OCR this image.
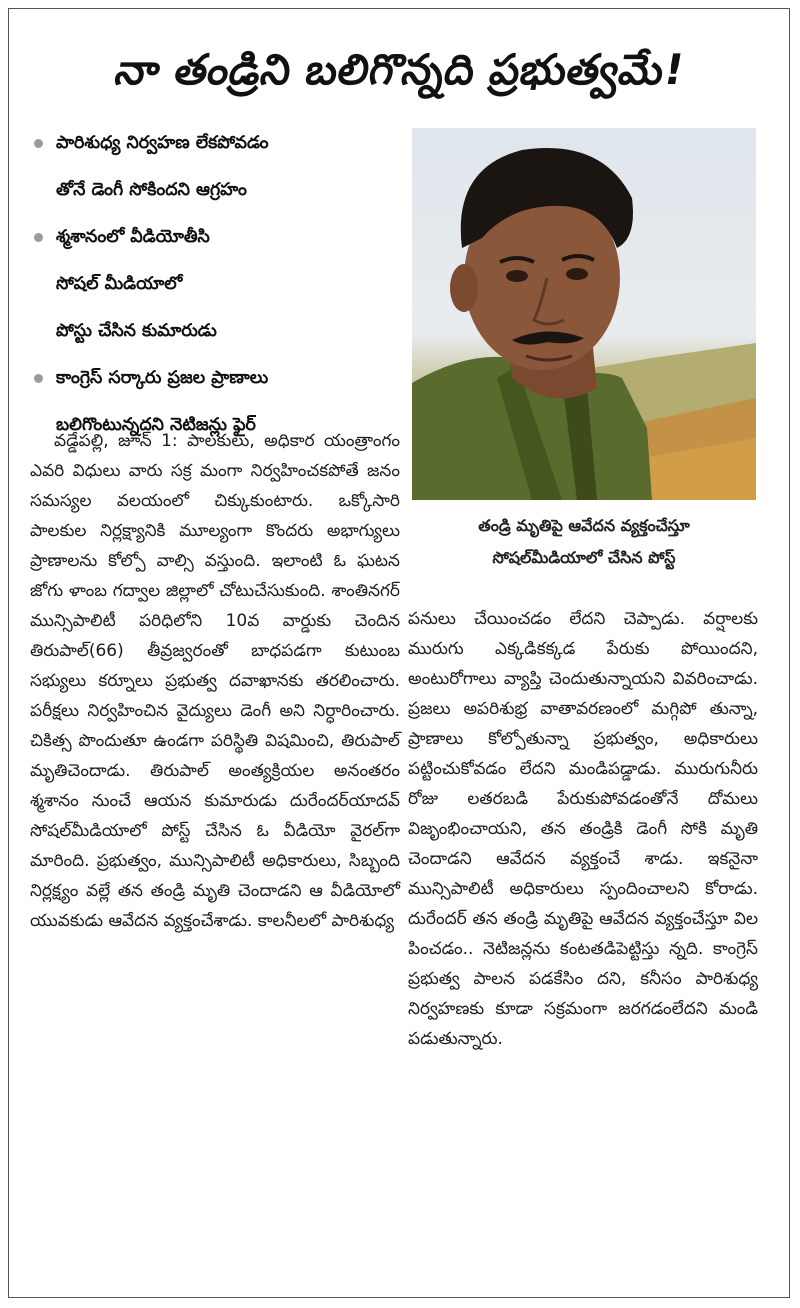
నా తండ్రిని బలిగొన్నది ప్రభుత్వమే!
పారిశుధ్య నిర్వహణ లేకపోవడం
తోనే డెంగీ సోకిందని ఆగ్రహం
శ్మశానంలో వీడియోతీసి
సోషల్ మీడియాలో
పోస్టు చేసిన కుమారుడు
కాంగ్రెస్ సర్కారు ప్రజల ప్రాణాలు
బలిగొంటున్నదని నెటిజన్లు ఫైర్
తండ్రి మృతిపై ఆవేదన వ్యక్తంచేస్తూ
సోషల్‌మీడియాలో చేసిన పోస్ట్

వడ్డేపల్లి, జూన్ 1: పాలకులు, అధికార యంత్రాంగం ఎవరి విధులు వారు సక్ర మంగా నిర్వహించకపోతే జనం సమస్యల వలయంలో చిక్కుకుంటారు. ఒక్కోసారి పాలకుల నిర్లక్ష్యానికి మూల్యంగా కొందరు అభాగ్యులు ప్రాణాలను కోల్పో వాల్సి వస్తుంది. ఇలాంటి ఓ ఘటన జోగు ళాంబ గద్వాల జిల్లాలో చోటుచేసుకుంది. శాంతినగర్ మున్సిపాలిటీ పరిధిలోని 10వ వార్డుకు చెందిన తిరుపాల్(66) తీవ్రజ్వరంతో బాధపడగా కుటుంబ సభ్యులు కర్నూలు ప్రభుత్వ దవాఖానకు తరలించారు. పరీక్షలు నిర్వహించిన వైద్యులు డెంగీ అని నిర్ధారించారు. చికిత్స పొందుతూ ఉండగా పరిస్థితి విషమించి, తిరుపాల్ మృతిచెందాడు. తిరుపాల్ అంత్యక్రియల అనంతరం శ్మశానం నుంచే ఆయన కుమారుడు దురేందర్‌యాదవ్ సోషల్‌మీడియాలో పోస్ట్ చేసిన ఓ వీడియో వైరల్‌గా మారింది. ప్రభుత్వం, మున్సిపాలిటీ అధికారులు, సిబ్బంది నిర్లక్ష్యం వల్లే తన తండ్రి మృతి చెందాడని ఆ వీడియోలో యువకుడు ఆవేదన వ్యక్తంచేశాడు. కాలనీలలో పారిశుధ్య

పనులు చేయించడం లేదని చెప్పాడు. వర్షాలకు మురుగు ఎక్కడికక్కడ పేరుకు పోయిందని, అంటురోగాలు వ్యాప్తి చెందుతున్నాయని వివరించాడు. ప్రజలు అపరిశుభ్ర వాతావరణంలో మగ్గిపో తున్నా, ప్రాణాలు కోల్పోతున్నా ప్రభుత్వం, అధికారులు పట్టించుకోవడం లేదని మండిపడ్డాడు. మురుగునీరు రోజు లతరబడి పేరుకుపోవడంతోనే దోమలు విజృంభించాయని, తన తండ్రికి డెంగీ సోకి మృతి చెందాడని ఆవేదన వ్యక్తంచే శాడు. ఇకనైనా మున్సిపాలిటీ అధికారులు స్పందించాలని కోరాడు. దురేందర్ తన తండ్రి మృతిపై ఆవేదన వ్యక్తంచేస్తూ విల పించడం.. నెటిజన్లను కంటతడిపెట్టిస్తు న్నది. కాంగ్రెస్ ప్రభుత్వ పాలన పడకేసిం దని, కనీసం పారిశుధ్య నిర్వహణకు కూడా సక్రమంగా జరగడంలేదని మండి పడుతున్నారు.
